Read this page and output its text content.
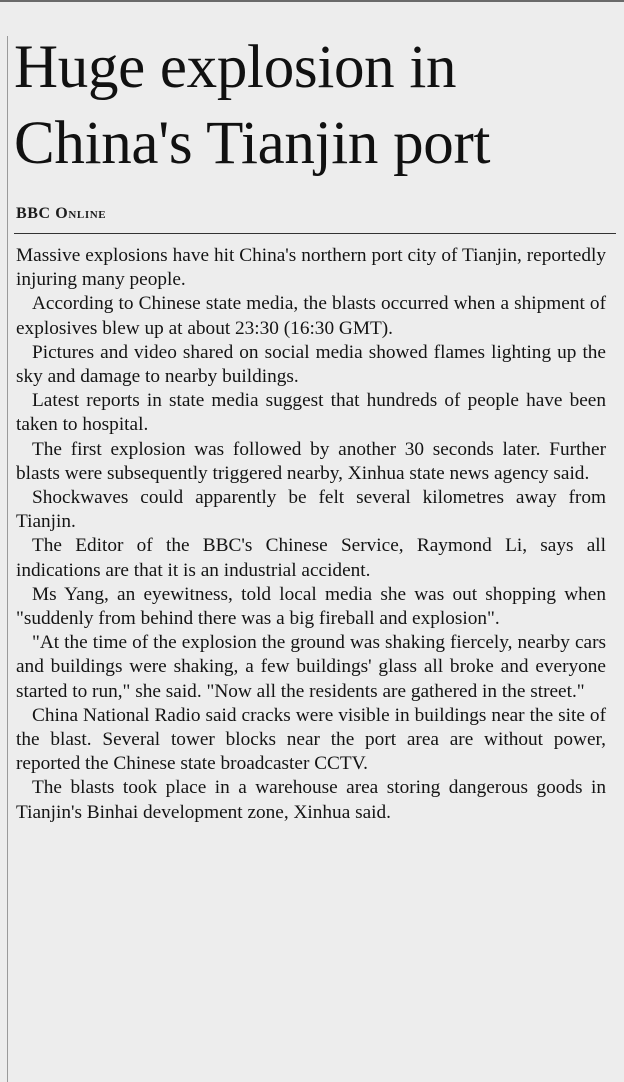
Huge explosion in China's Tianjin port
BBC Online

Massive explosions have hit China's northern port city of Tianjin, reportedly injuring many people.

According to Chinese state media, the blasts occurred when a shipment of explosives blew up at about 23:30 (16:30 GMT).

Pictures and video shared on social media showed flames lighting up the sky and damage to nearby buildings.

Latest reports in state media suggest that hundreds of people have been taken to hospital.

The first explosion was followed by another 30 seconds later. Further blasts were subsequently triggered nearby, Xinhua state news agency said.

Shockwaves could apparently be felt several kilometres away from Tianjin.

The Editor of the BBC's Chinese Service, Raymond Li, says all indications are that it is an industrial accident.

Ms Yang, an eyewitness, told local media she was out shopping when "suddenly from behind there was a big fireball and explosion".

"At the time of the explosion the ground was shaking fiercely, nearby cars and buildings were shaking, a few buildings' glass all broke and everyone started to run," she said. "Now all the residents are gathered in the street."

China National Radio said cracks were visible in buildings near the site of the blast. Several tower blocks near the port area are without power, reported the Chinese state broadcaster CCTV.

The blasts took place in a warehouse area storing dangerous goods in Tianjin's Binhai development zone, Xinhua said.
